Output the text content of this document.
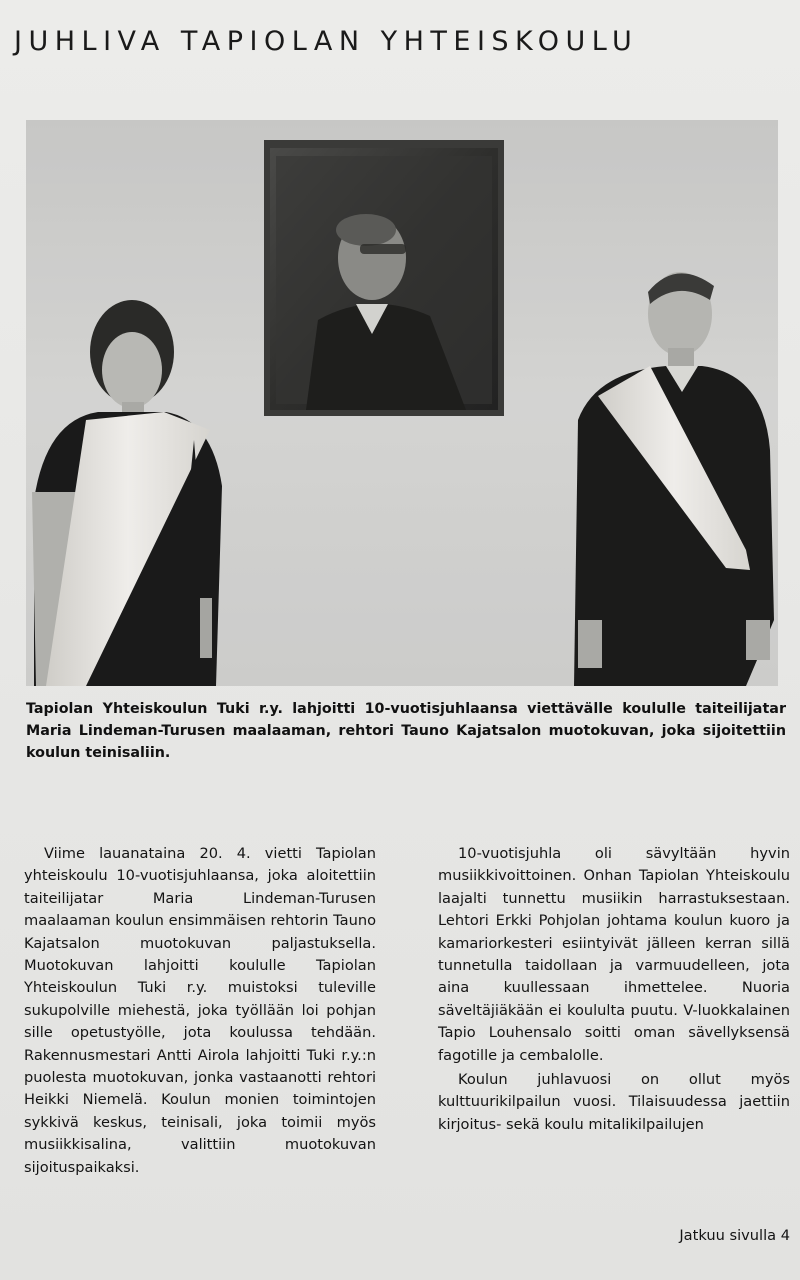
JUHLIVA TAPIOLAN YHTEISKOULU

Tapiolan Yhteiskoulun Tuki r.y. lahjoitti 10-vuotisjuhlaansa viettävälle koululle taiteilijatar Maria Lindeman-Turusen maalaaman, rehtori Tauno Kajatsalon muotokuvan, joka sijoitettiin koulun teinisaliin.

Viime lauanataina 20. 4. vietti Tapiolan yhteiskoulu 10-vuotisjuhlaansa, joka aloitettiin taiteilijatar Maria Lindeman-Turusen maalaaman koulun ensimmäisen rehtorin Tauno Kajatsalon muotokuvan paljastuksella. Muotokuvan lahjoitti koululle Tapiolan Yhteiskoulun Tuki r.y. muistoksi tuleville sukupolville miehestä, joka työllään loi pohjan sille opetustyölle, jota koulussa tehdään. Rakennusmestari Antti Airola lahjoitti Tuki r.y.:n puolesta muotokuvan, jonka vastaanotti rehtori Heikki Niemelä. Koulun monien toimintojen sykkivä keskus, teinisali, joka toimii myös musiikkisalina, valittiin muotokuvan sijoituspaikaksi.

10-vuotisjuhla oli sävyltään hyvin musiikkivoittoinen. Onhan Tapiolan Yhteiskoulu laajalti tunnettu musiikin harrastuksestaan. Lehtori Erkki Pohjolan johtama koulun kuoro ja kamariorkesteri esiintyivät jälleen kerran sillä tunnetulla taidollaan ja varmuudelleen, jota aina kuullessaan ihmettelee. Nuoria säveltäjiäkään ei koululta puutu. V-luokkalainen Tapio Louhensalo soitti oman sävellyksensä fagotille ja cembalolle.

Koulun juhlavuosi on ollut myös kulttuurikilpailun vuosi. Tilaisuudessa jaettiin kirjoitus- sekä koulu mitalikilpailujen

Jatkuu sivulla 4
